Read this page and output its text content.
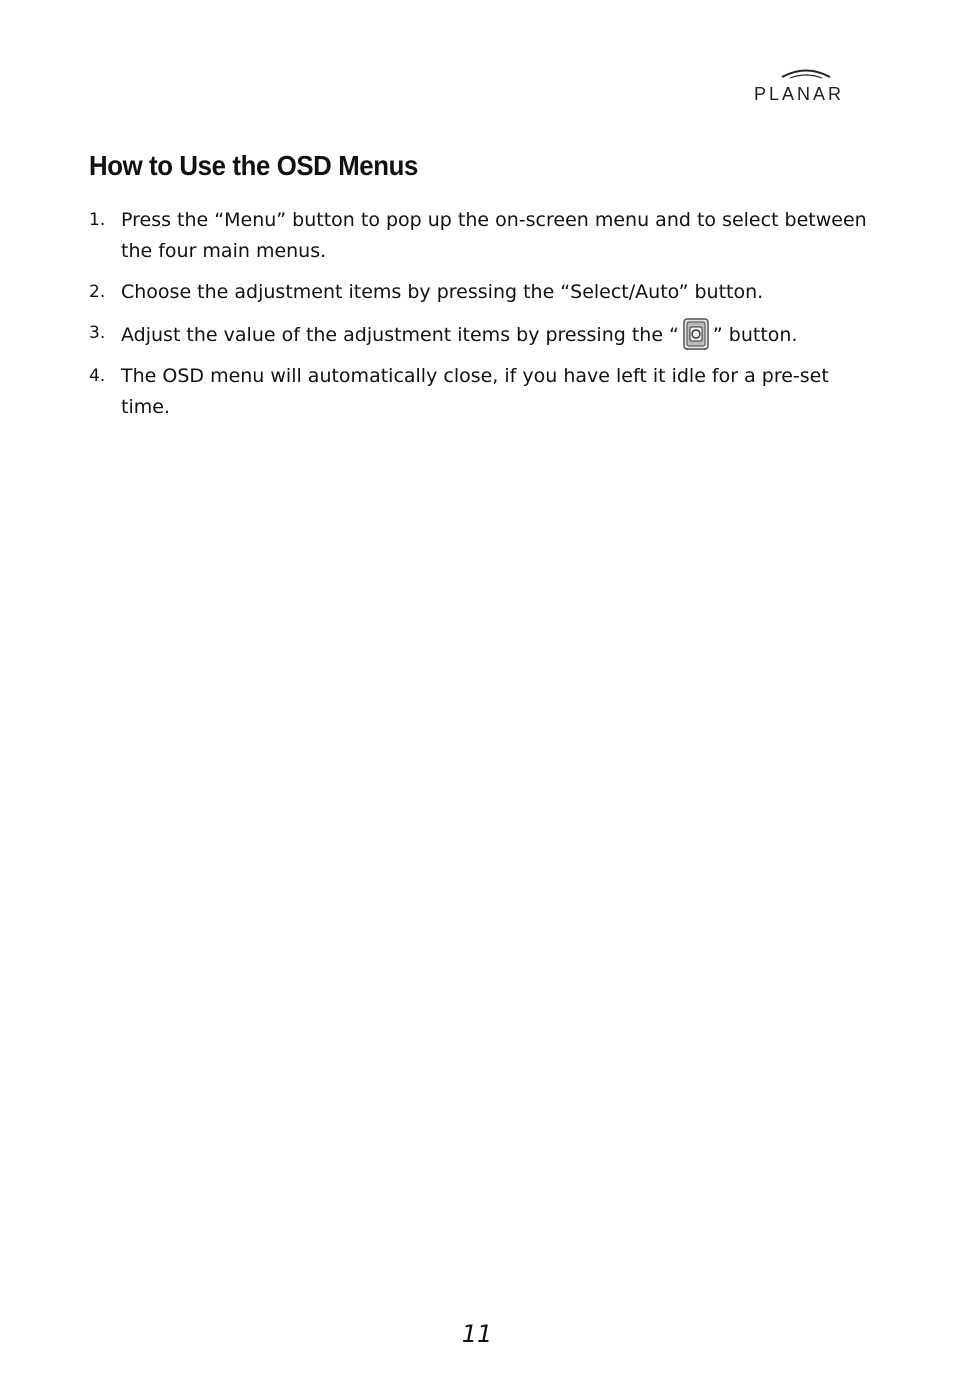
PLANAR
How to Use the OSD Menus
1. Press the “Menu” button to pop up the on-screen menu and to select between the four main menus.
2. Choose the adjustment items by pressing the “Select/Auto” button.
3. Adjust the value of the adjustment items by pressing the “ ” button.
4. The OSD menu will automatically close, if you have left it idle for a pre-set time.
11
